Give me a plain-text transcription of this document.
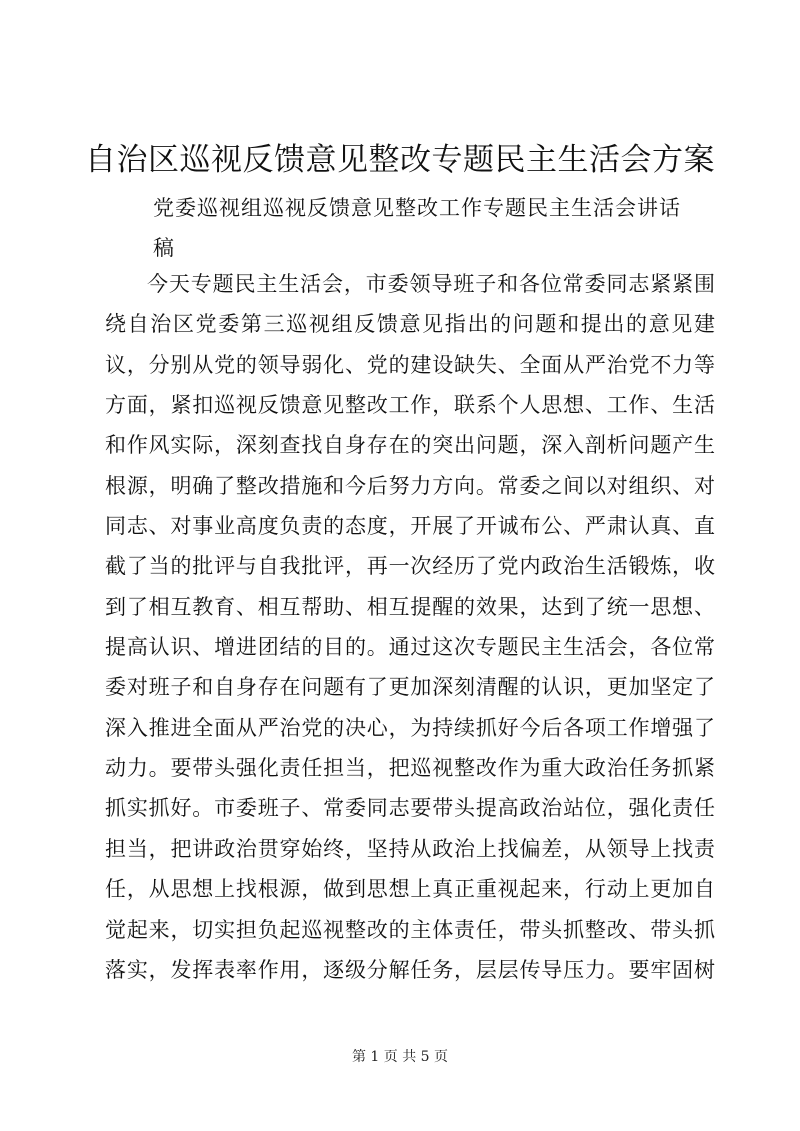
自治区巡视反馈意见整改专题民主生活会方案

党委巡视组巡视反馈意见整改工作专题民主生活会讲话

稿

今天专题民主生活会，市委领导班子和各位常委同志紧紧围
绕自治区党委第三巡视组反馈意见指出的问题和提出的意见建
议，分别从党的领导弱化、党的建设缺失、全面从严治党不力等
方面，紧扣巡视反馈意见整改工作，联系个人思想、工作、生活
和作风实际，深刻查找自身存在的突出问题，深入剖析问题产生
根源，明确了整改措施和今后努力方向。常委之间以对组织、对
同志、对事业高度负责的态度，开展了开诚布公、严肃认真、直
截了当的批评与自我批评，再一次经历了党内政治生活锻炼，收
到了相互教育、相互帮助、相互提醒的效果，达到了统一思想、
提高认识、增进团结的目的。通过这次专题民主生活会，各位常
委对班子和自身存在问题有了更加深刻清醒的认识，更加坚定了
深入推进全面从严治党的决心，为持续抓好今后各项工作增强了
动力。要带头强化责任担当，把巡视整改作为重大政治任务抓紧
抓实抓好。市委班子、常委同志要带头提高政治站位，强化责任
担当，把讲政治贯穿始终，坚持从政治上找偏差，从领导上找责
任，从思想上找根源，做到思想上真正重视起来，行动上更加自
觉起来，切实担负起巡视整改的主体责任，带头抓整改、带头抓
落实，发挥表率作用，逐级分解任务，层层传导压力。要牢固树
第 1 页 共 5 页
